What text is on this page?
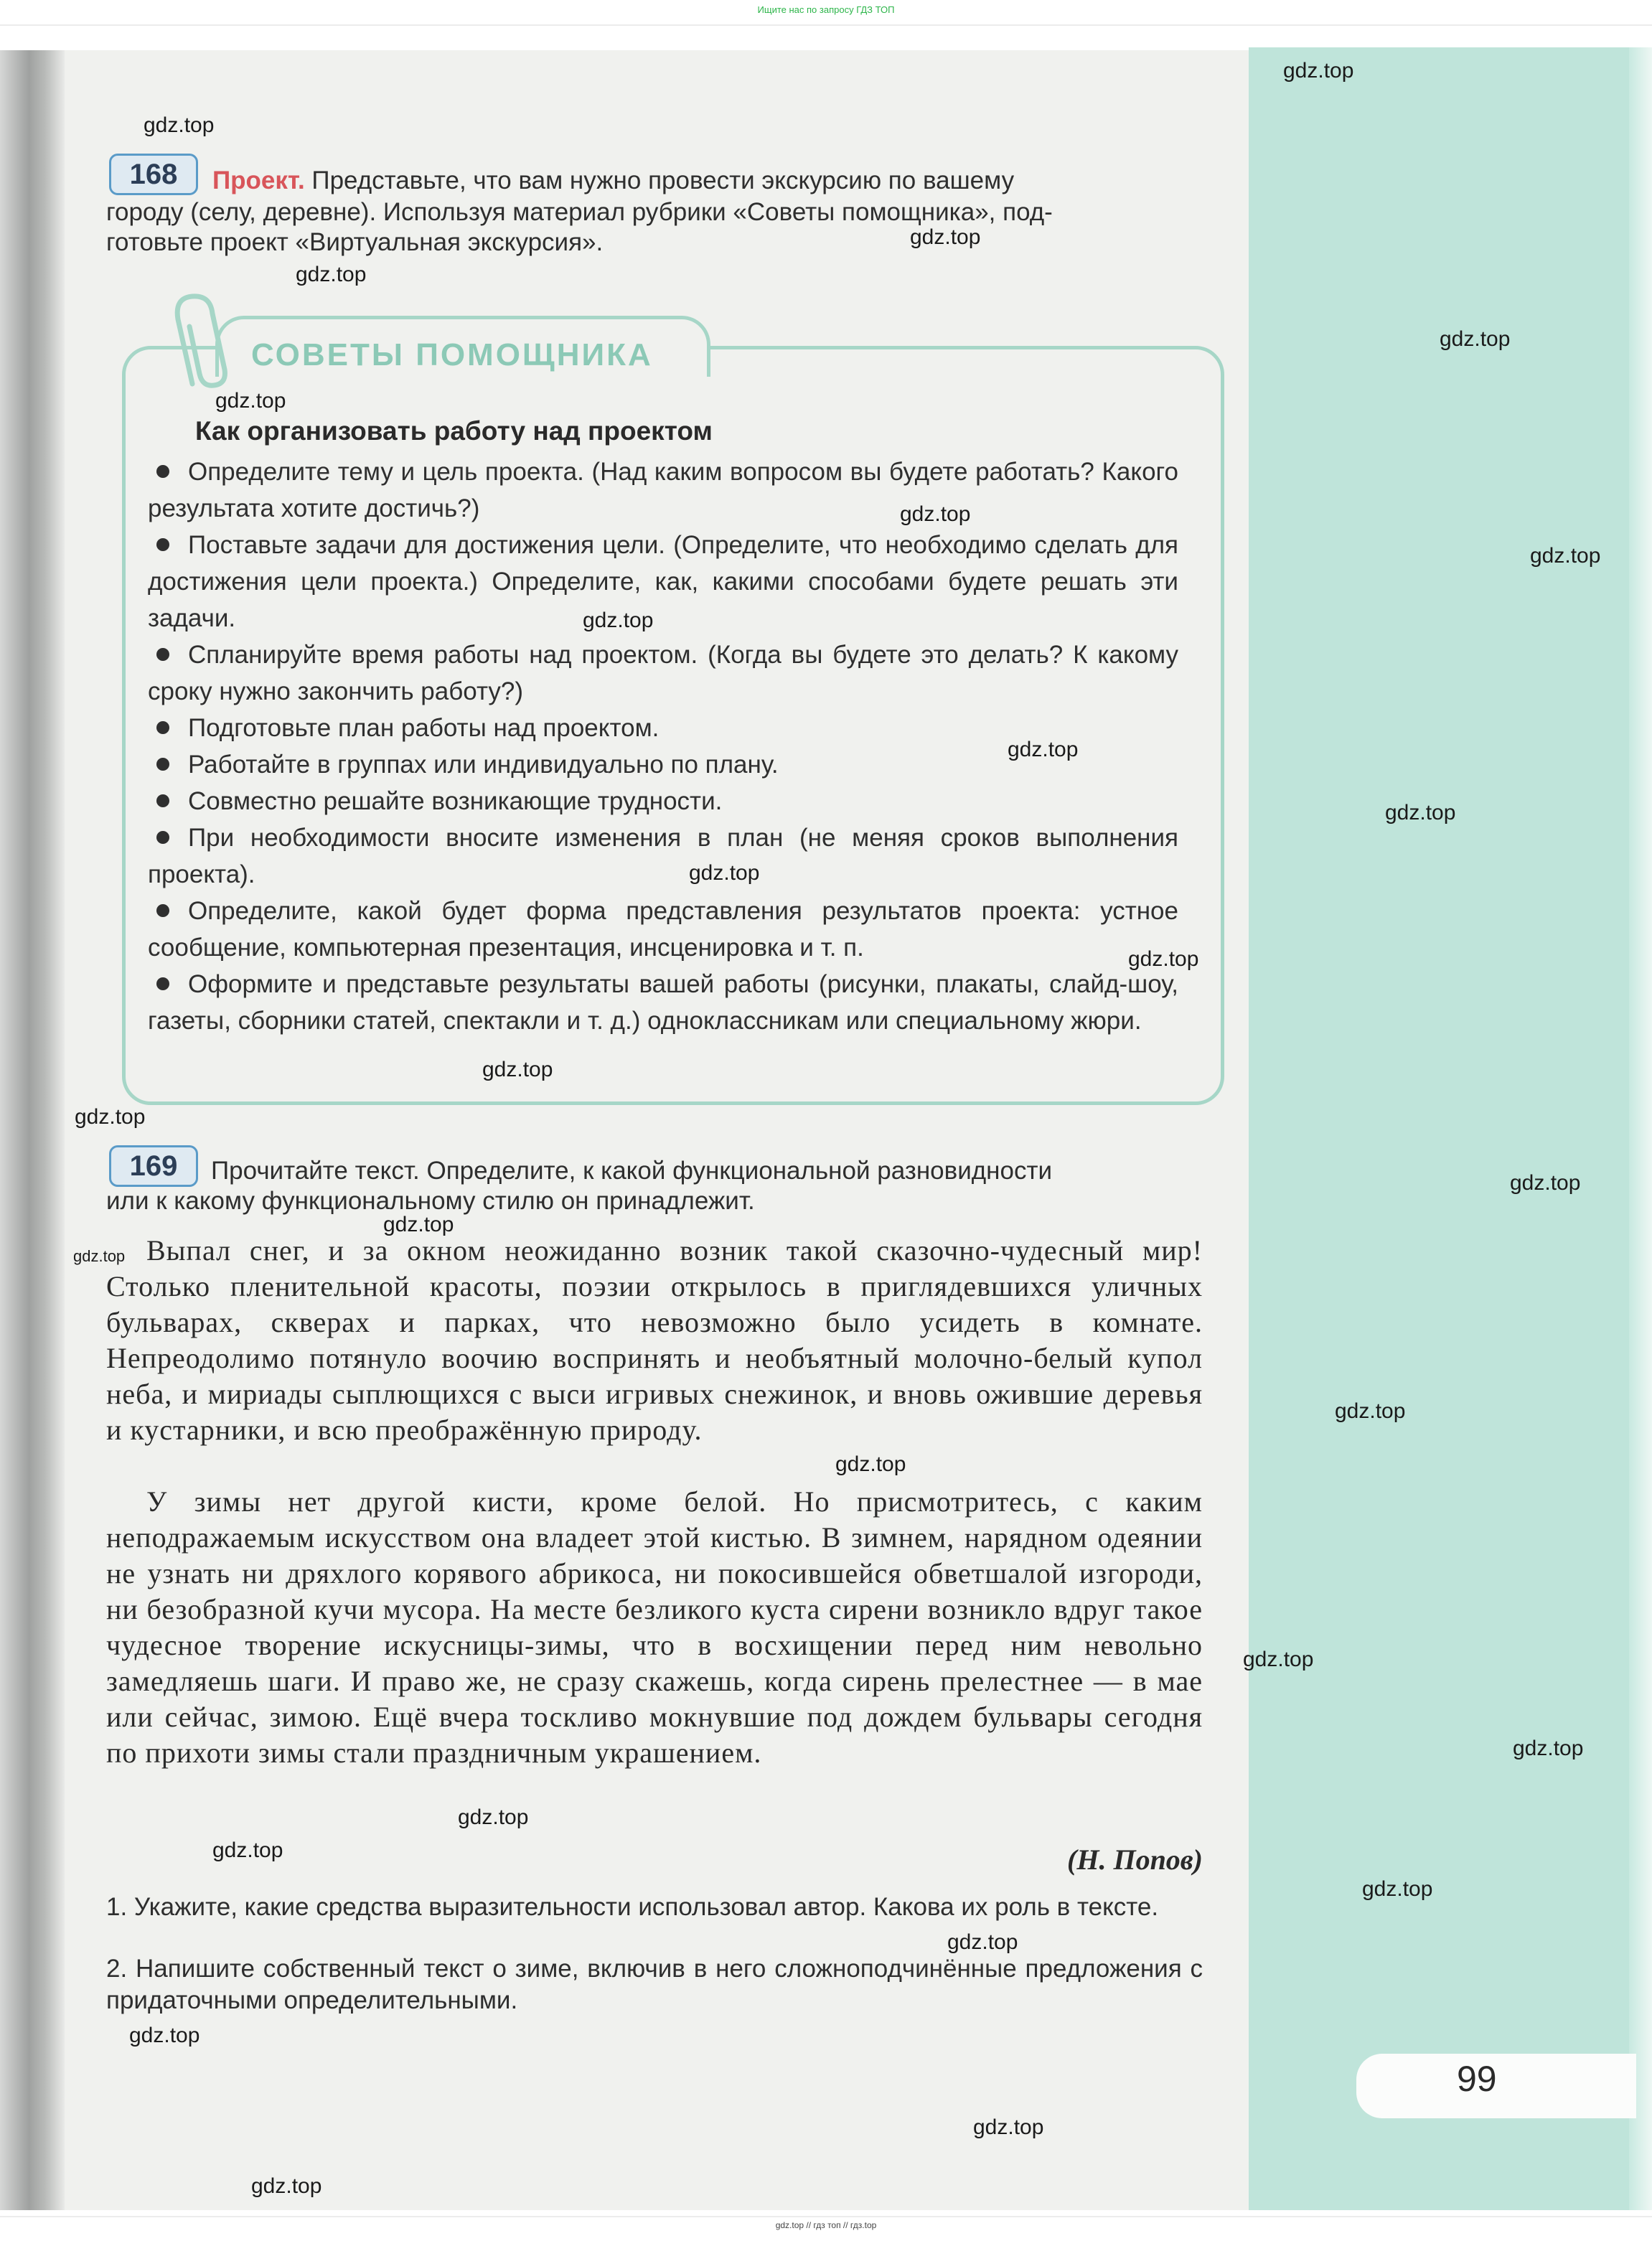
Ищите нас по запросу ГДЗ ТОП
168	Проект. Представьте, что вам нужно провести экскурсию по вашему
городу (селу, деревне). Используя материал рубрики «Советы помощника», под-
готовьте проект «Виртуальная экскурсия».
СОВЕТЫ ПОМОЩНИКА
Как организовать работу над проектом
Определите тему и цель проекта. (Над каким вопросом вы будете работать? Какого результата хотите достичь?)
Поставьте задачи для достижения цели. (Определите, что необходимо сделать для достижения цели проекта.) Определите, как, какими способами будете решать эти задачи.
Спланируйте время работы над проектом. (Когда вы будете это делать? К какому сроку нужно закончить работу?)
Подготовьте план работы над проектом.
Работайте в группах или индивидуально по плану.
Совместно решайте возникающие трудности.
При необходимости вносите изменения в план (не меняя сроков выполнения проекта).
Определите, какой будет форма представления результатов проекта: устное сообщение, компьютерная презентация, инсценировка и т. п.
Оформите и представьте результаты вашей работы (рисунки, плакаты, слайд-шоу, газеты, сборники статей, спектакли и т. д.) одноклассникам или специальному жюри.
169	Прочитайте текст. Определите, к какой функциональной разновидности
или к какому функциональному стилю он принадлежит.
Выпал снег, и за окном неожиданно возник такой сказочно-чудесный мир! Столько пленительной красоты, поэзии открылось в приглядевшихся уличных бульварах, скверах и парках, что невозможно было усидеть в комнате. Непреодолимо потянуло воочию воспринять и необъятный молочно-белый купол неба, и мириады сыплющихся с выси игривых снежинок, и вновь ожившие деревья и кустарники, и всю преображённую природу.
У зимы нет другой кисти, кроме белой. Но присмотритесь, с каким неподражаемым искусством она владеет этой кистью. В зимнем, нарядном одеянии не узнать ни дряхлого корявого абрикоса, ни покосившейся обветшалой изгороди, ни безобразной кучи мусора. На месте безликого куста сирени возникло вдруг такое чудесное творение искусницы-зимы, что в восхищении перед ним невольно замедляешь шаги. И право же, не сразу скажешь, когда сирень прелестнее — в мае или сейчас, зимою. Ещё вчера тоскливо мокнувшие под дождем бульвары сегодня по прихоти зимы стали праздничным украшением.
(Н. Попов)
1. Укажите, какие средства выразительности использовал автор. Какова их роль в тексте.
2. Напишите собственный текст о зиме, включив в него сложноподчинённые предложения с придаточными определительными.
99
gdz.top
gdz.top
gdz.top
gdz.top
gdz.top
gdz.top
gdz.top
gdz.top
gdz.top
gdz.top
gdz.top
gdz.top
gdz.top
gdz.top
gdz.top
gdz.top
gdz.top
gdz.top
gdz.top
gdz.top
gdz.top
gdz.top
gdz.top
gdz.top
gdz.top
gdz.top
gdz.top
gdz.top
gdz.top
gdz.top // гдз топ // гдз.top
